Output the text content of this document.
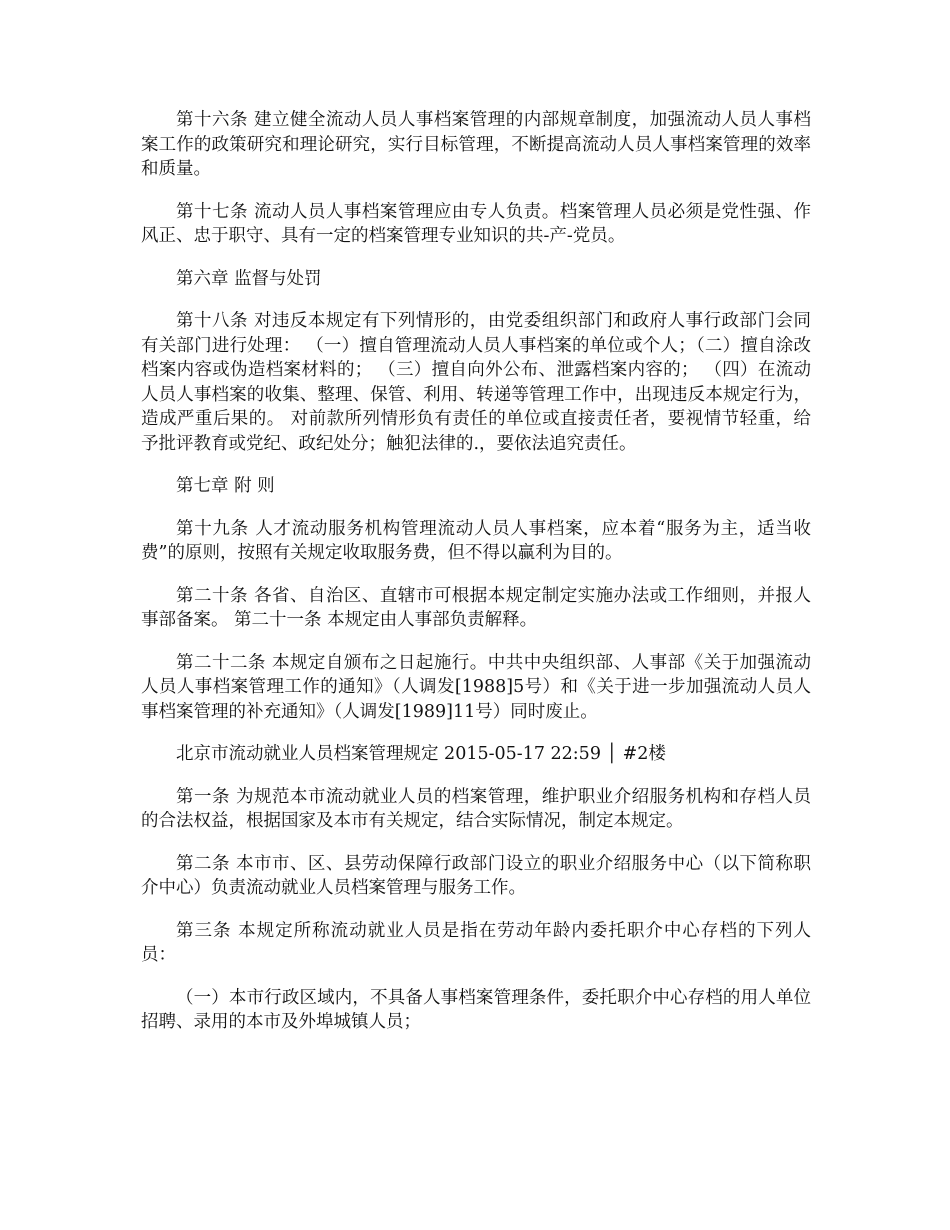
第十六条 建立健全流动人员人事档案管理的内部规章制度，加强流动人员人事档案工作的政策研究和理论研究，实行目标管理，不断提高流动人员人事档案管理的效率和质量。

第十七条 流动人员人事档案管理应由专人负责。档案管理人员必须是党性强、作风正、忠于职守、具有一定的档案管理专业知识的共-产-党员。

第六章 监督与处罚

第十八条 对违反本规定有下列情形的，由党委组织部门和政府人事行政部门会同有关部门进行处理： （一）擅自管理流动人员人事档案的单位或个人；（二）擅自涂改档案内容或伪造档案材料的； （三）擅自向外公布、泄露档案内容的； （四）在流动人员人事档案的收集、整理、保管、利用、转递等管理工作中，出现违反本规定行为，造成严重后果的。 对前款所列情形负有责任的单位或直接责任者，要视情节轻重，给予批评教育或党纪、政纪处分；触犯法律的.，要依法追究责任。

第七章 附 则

第十九条 人才流动服务机构管理流动人员人事档案，应本着“服务为主，适当收费”的原则，按照有关规定收取服务费，但不得以赢利为目的。

第二十条 各省、自治区、直辖市可根据本规定制定实施办法或工作细则，并报人事部备案。 第二十一条 本规定由人事部负责解释。

第二十二条 本规定自颁布之日起施行。中共中央组织部、人事部《关于加强流动人员人事档案管理工作的通知》（人调发[1988]5号）和《关于进一步加强流动人员人事档案管理的补充通知》（人调发[1989]11号）同时废止。

北京市流动就业人员档案管理规定 2015-05-17 22:59 │ #2楼

第一条 为规范本市流动就业人员的档案管理，维护职业介绍服务机构和存档人员的合法权益，根据国家及本市有关规定，结合实际情况，制定本规定。

第二条 本市市、区、县劳动保障行政部门设立的职业介绍服务中心（以下简称职介中心）负责流动就业人员档案管理与服务工作。

第三条 本规定所称流动就业人员是指在劳动年龄内委托职介中心存档的下列人员：

（一）本市行政区域内，不具备人事档案管理条件，委托职介中心存档的用人单位招聘、录用的本市及外埠城镇人员；
